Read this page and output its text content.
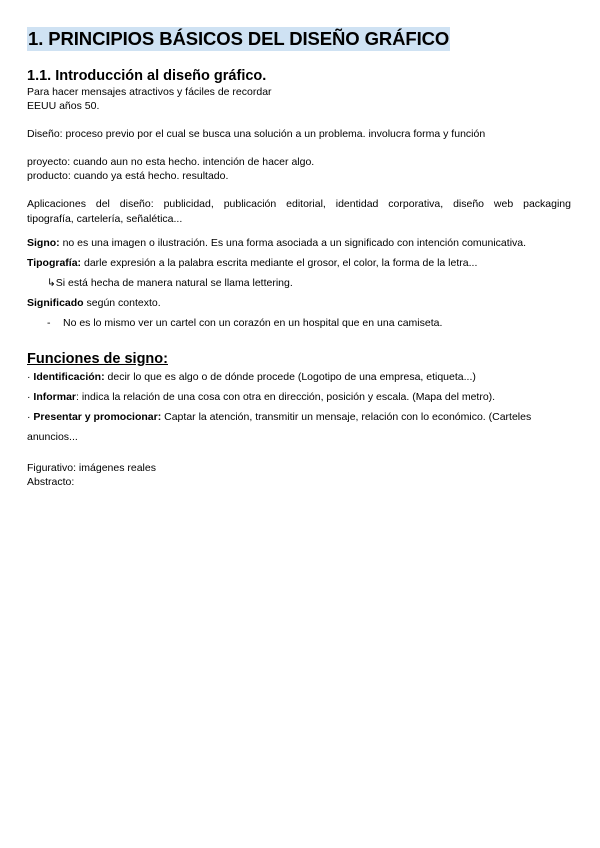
1. PRINCIPIOS BÁSICOS DEL DISEÑO GRÁFICO
1.1. Introducción al diseño gráfico.
Para hacer mensajes atractivos y fáciles de recordar
EEUU años 50.
Diseño: proceso previo por el cual se busca una solución a un problema. involucra forma y función
proyecto: cuando aun no esta hecho. intención de hacer algo.
producto: cuando ya está hecho. resultado.
Aplicaciones del diseño: publicidad, publicación editorial, identidad corporativa, diseño web packaging
tipografía, cartelería, señalética...
Signo: no es una imagen o ilustración. Es una forma asociada a un significado con intención comunicativa.
Tipografía: darle expresión a la palabra escrita mediante el grosor, el color, la forma de la letra...
↳Si está hecha de manera natural se llama lettering.
Significado según contexto.
- No es lo mismo ver un cartel con un corazón en un hospital que en una camiseta.
Funciones de signo:
· Identificación: decir lo que es algo o de dónde procede (Logotipo de una empresa, etiqueta...)
· Informar: indica la relación de una cosa con otra en dirección, posición y escala. (Mapa del metro).
· Presentar y promocionar: Captar la atención, transmitir un mensaje, relación con lo económico. (Carteles anuncios...
Figurativo: imágenes reales
Abstracto:
